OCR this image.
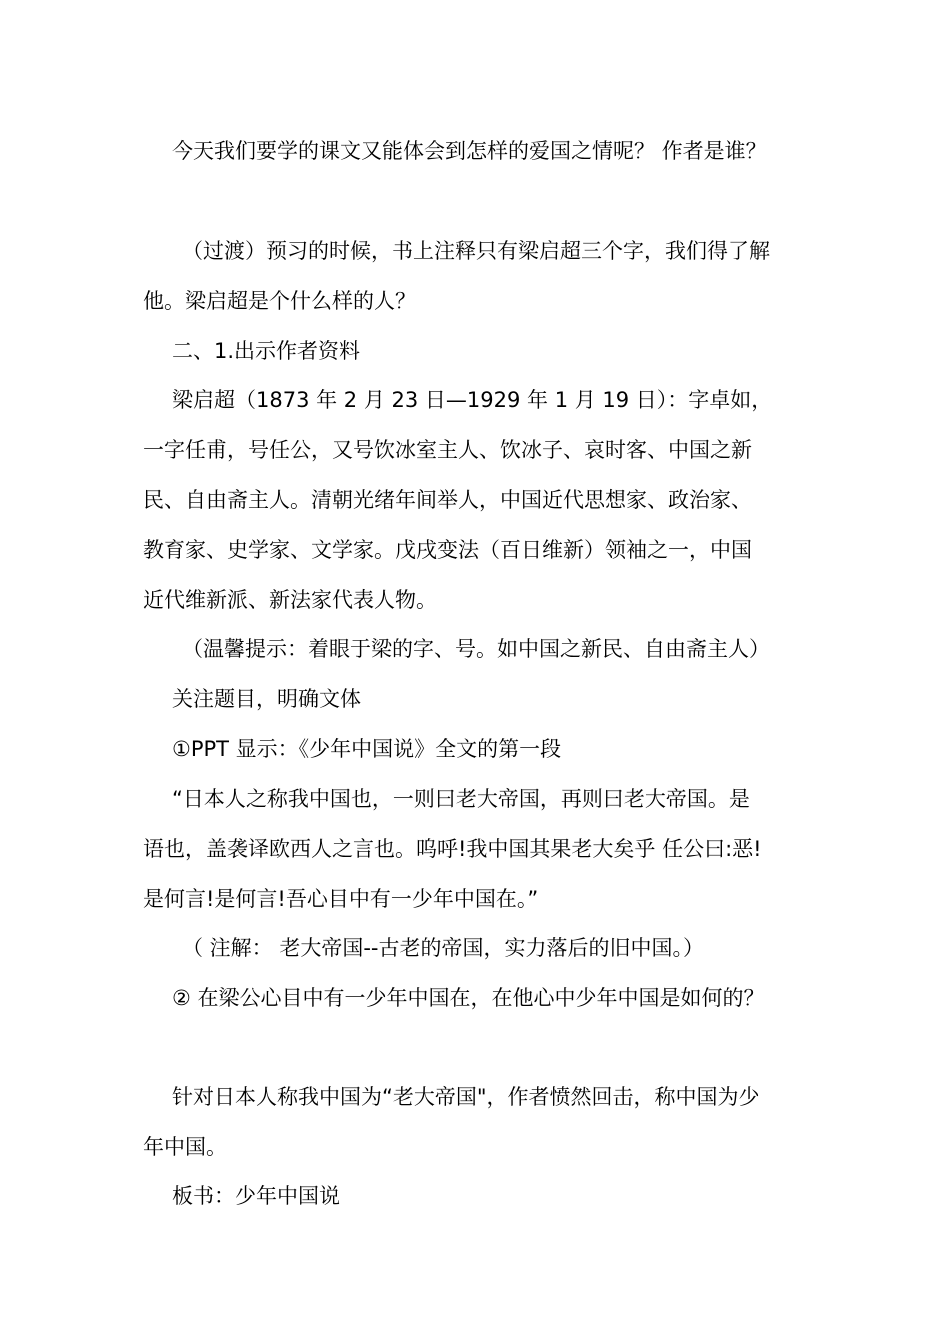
今天我们要学的课文又能体会到怎样的爱国之情呢？ 作者是谁？
（过渡）预习的时候，书上注释只有梁启超三个字，我们得了解
他。梁启超是个什么样的人？
二、1.出示作者资料
梁启超（1873 年 2 月 23 日—1929 年 1 月 19 日）：字卓如，
一字任甫，号任公，又号饮冰室主人、饮冰子、哀时客、中国之新
民、自由斋主人。清朝光绪年间举人，中国近代思想家、政治家、
教育家、史学家、文学家。戊戌变法（百日维新）领袖之一，中国
近代维新派、新法家代表人物。
（温馨提示：着眼于梁的字、号。如中国之新民、自由斋主人）
关注题目，明确文体
①PPT 显示：《少年中国说》全文的第一段
“日本人之称我中国也，一则曰老大帝国，再则曰老大帝国。是
语也，盖袭译欧西人之言也。呜呼!我中国其果老大矣乎 任公曰:恶!
是何言!是何言!吾心目中有一少年中国在。”
（ 注解： 老大帝国--古老的帝国，实力落后的旧中国。）
② 在梁公心目中有一少年中国在，在他心中少年中国是如何的？
针对日本人称我中国为“老大帝国"，作者愤然回击，称中国为少
年中国。
板书：少年中国说
